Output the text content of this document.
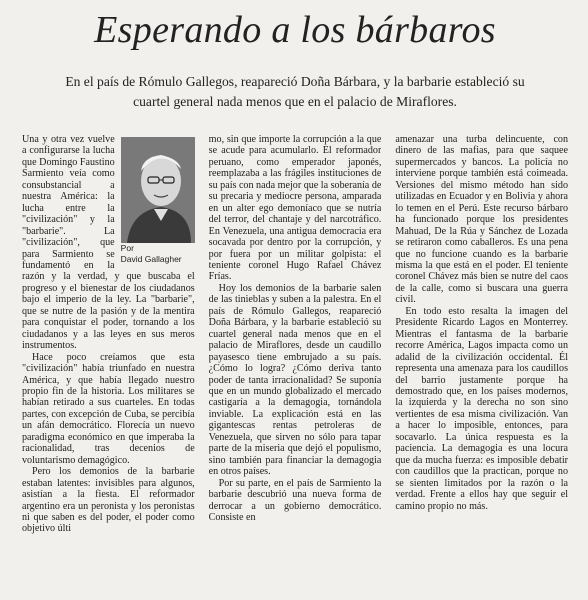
Esperando a los bárbaros
En el país de Rómulo Gallegos, reapareció Doña Bárbara, y la barbarie estableció su cuartel general nada menos que en el palacio de Miraflores.

Por
David Gallagher
Una y otra vez vuelve a configurarse la lucha que Domingo Faustino Sarmiento veía como consubstancial a nuestra América: la lucha entre la "civilización" y la "barbarie". La "civilización", que para Sarmiento se fundamentó en la razón y la verdad, y que buscaba el progreso y el bienestar de los ciudadanos bajo el imperio de la ley. La "barbarie", que se nutre de la pasión y de la mentira para conquistar el poder, tornando a los ciudadanos y a las leyes en sus meros instrumentos.

Hace poco creíamos que esta "civilización" había triunfado en nuestra América, y que había llegado nuestro propio fin de la historia. Los militares se habían retirado a sus cuarteles. En todas partes, con excepción de Cuba, se percibía un afán democrático. Florecía un nuevo paradigma económico en que imperaba la racionalidad, tras decenios de voluntarismo demagógico.

Pero los demonios de la barbarie estaban latentes: invisibles para algunos, asistían a la fiesta. El reformador argentino era un peronista y los peronistas ni que saben es del poder, el poder como objetivo últi

mo, sin que importe la corrupción a la que se acude para acumularlo. El reformador peruano, como emperador japonés, reemplazaba a las frágiles instituciones de su país con nada mejor que la soberanía de su precaria y mediocre persona, amparada en un alter ego demoníaco que se nutría del terror, del chantaje y del narcotráfico. En Venezuela, una antigua democracia era socavada por dentro por la corrupción, y por fuera por un militar golpista: el teniente coronel Hugo Rafael Chávez Frías.

Hoy los demonios de la barbarie salen de las tinieblas y suben a la palestra. En el país de Rómulo Gallegos, reapareció Doña Bárbara, y la barbarie estableció su cuartel general nada menos que en el palacio de Miraflores, desde un caudillo payasesco tiene embrujado a su país. ¿Cómo lo logra? ¿Cómo deriva tanto poder de tanta irracionalidad? Se suponía que en un mundo globalizado el mercado castigaría a la demagogia, tornándola inviable. La explicación está en las gigantescas rentas petroleras de Venezuela, que sirven no sólo para tapar parte de la miseria que dejó el populismo, sino también para financiar la demagogia en otros países.

Por su parte, en el país de Sarmiento la barbarie descubrió una nueva forma de derrocar a un gobierno democrático. Consiste en

amenazar una turba delincuente, con dinero de las mafias, para que saquee supermercados y bancos. La policía no interviene porque también está coimeada. Versiones del mismo método han sido utilizadas en Ecuador y en Bolivia y ahora lo temen en el Perú. Este recurso bárbaro ha funcionado porque los presidentes Mahuad, De la Rúa y Sánchez de Lozada se retiraron como caballeros. Es una pena que no funcione cuando es la barbarie misma la que está en el poder. El teniente coronel Chávez más bien se nutre del caos de la calle, como si buscara una guerra civil.

En todo esto resalta la imagen del Presidente Ricardo Lagos en Monterrey. Mientras el fantasma de la barbarie recorre América, Lagos impacta como un adalid de la civilización occidental. Él representa una amenaza para los caudillos del barrio justamente porque ha demostrado que, en los países modernos, la izquierda y la derecha no son sino vertientes de esa misma civilización. Van a hacer lo imposible, entonces, para socavarlo. La única respuesta es la paciencia. La demagogia es una locura que da mucha fuerza: es imposible debatir con caudillos que la practican, porque no se sienten limitados por la razón o la verdad. Frente a ellos hay que seguir el camino propio no más.
